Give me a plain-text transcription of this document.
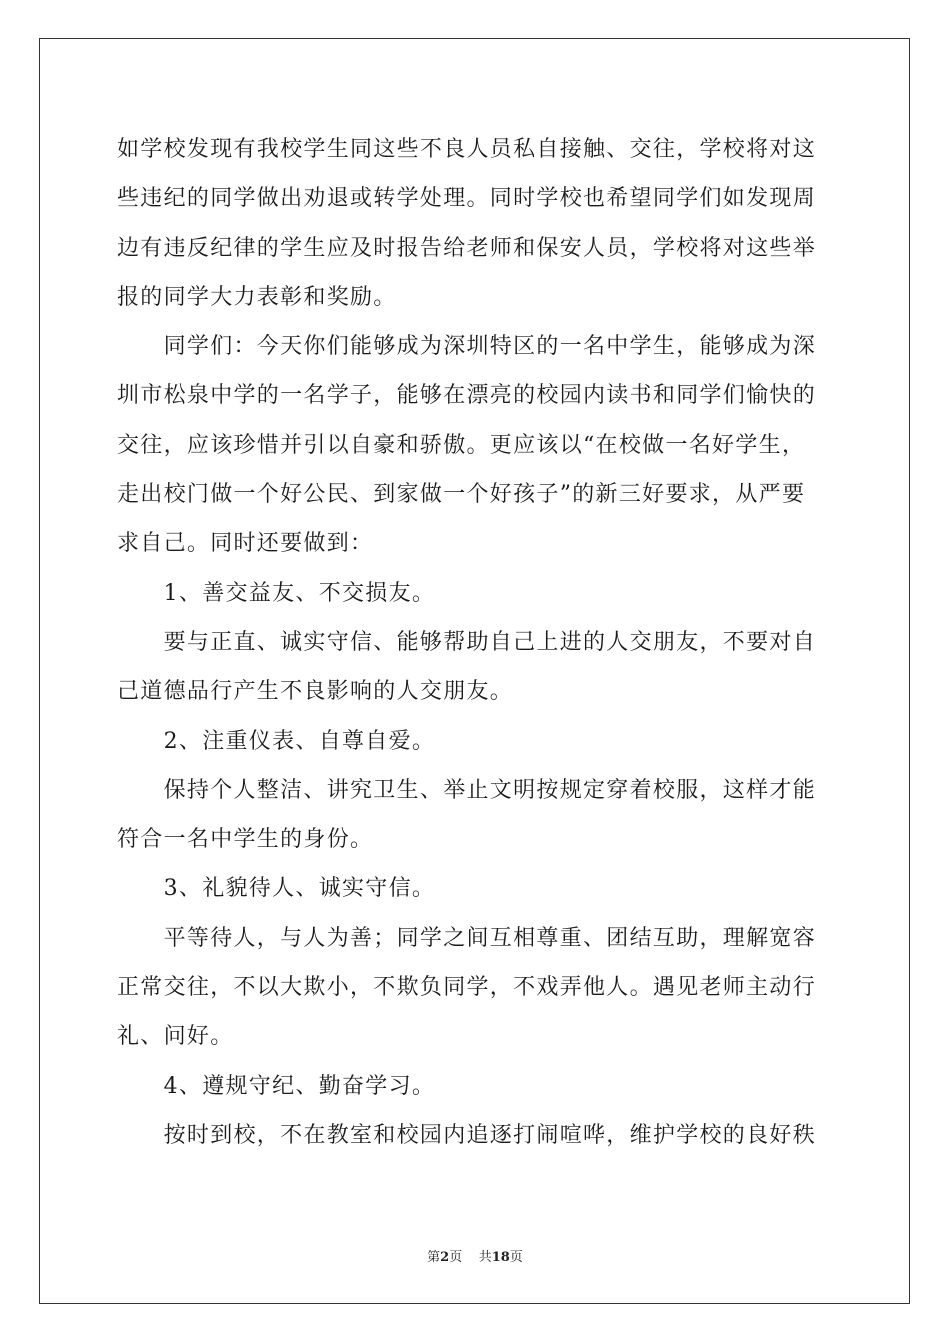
如学校发现有我校学生同这些不良人员私自接触、交往，学校将对这
些违纪的同学做出劝退或转学处理。同时学校也希望同学们如发现周
边有违反纪律的学生应及时报告给老师和保安人员，学校将对这些举
报的同学大力表彰和奖励。
　　同学们：今天你们能够成为深圳特区的一名中学生，能够成为深
圳市松泉中学的一名学子，能够在漂亮的校园内读书和同学们愉快的
交往，应该珍惜并引以自豪和骄傲。更应该以“在校做一名好学生，
走出校门做一个好公民、到家做一个好孩子”的新三好要求，从严要
求自己。同时还要做到：
　　1、善交益友、不交损友。
　　要与正直、诚实守信、能够帮助自己上进的人交朋友，不要对自
己道德品行产生不良影响的人交朋友。
　　2、注重仪表、自尊自爱。
　　保持个人整洁、讲究卫生、举止文明按规定穿着校服，这样才能
符合一名中学生的身份。
　　3、礼貌待人、诚实守信。
　　平等待人，与人为善；同学之间互相尊重、团结互助，理解宽容
正常交往，不以大欺小，不欺负同学，不戏弄他人。遇见老师主动行
礼、问好。
　　4、遵规守纪、勤奋学习。
　　按时到校，不在教室和校园内追逐打闹喧哗，维护学校的良好秩
第2页 共18页
